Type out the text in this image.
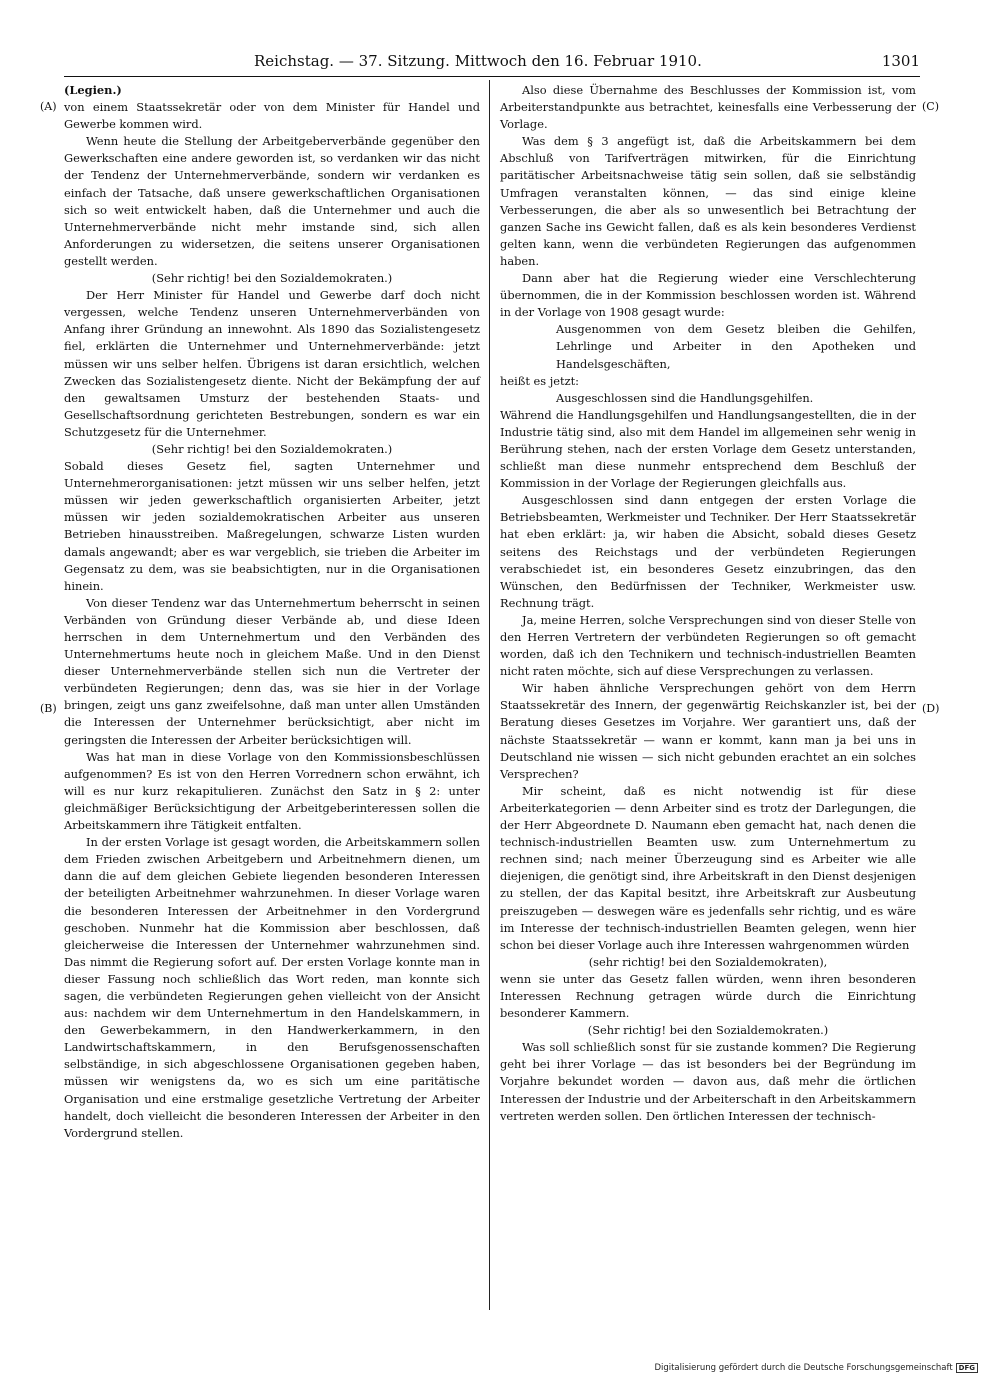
Reichstag. — 37. Sitzung. Mittwoch den 16. Februar 1910.	1301
(A)
(B)
(C)
(D)

(Legien.)

von einem Staatssekretär oder von dem Minister für Handel und Gewerbe kommen wird.

Wenn heute die Stellung der Arbeitgeberverbände gegenüber den Gewerkschaften eine andere geworden ist, so verdanken wir das nicht der Tendenz der Unternehmerverbände, sondern wir verdanken es einfach der Tatsache, daß unsere gewerkschaftlichen Organisationen sich so weit entwickelt haben, daß die Unternehmer und auch die Unternehmerverbände nicht mehr imstande sind, sich allen Anforderungen zu widersetzen, die seitens unserer Organisationen gestellt werden.

(Sehr richtig! bei den Sozialdemokraten.)

Der Herr Minister für Handel und Gewerbe darf doch nicht vergessen, welche Tendenz unseren Unternehmerverbänden von Anfang ihrer Gründung an innewohnt. Als 1890 das Sozialistengesetz fiel, erklärten die Unternehmer und Unternehmerverbände: jetzt müssen wir uns selber helfen. Übrigens ist daran ersichtlich, welchen Zwecken das Sozialistengesetz diente. Nicht der Bekämpfung der auf den gewaltsamen Umsturz der bestehenden Staats- und Gesellschaftsordnung gerichteten Bestrebungen, sondern es war ein Schutzgesetz für die Unternehmer.

(Sehr richtig! bei den Sozialdemokraten.)

Sobald dieses Gesetz fiel, sagten Unternehmer und Unternehmerorganisationen: jetzt müssen wir uns selber helfen, jetzt müssen wir jeden gewerkschaftlich organisierten Arbeiter, jetzt müssen wir jeden sozialdemokratischen Arbeiter aus unseren Betrieben hinausstreiben. Maßregelungen, schwarze Listen wurden damals angewandt; aber es war vergeblich, sie trieben die Arbeiter im Gegensatz zu dem, was sie beabsichtigten, nur in die Organisationen hinein.

Von dieser Tendenz war das Unternehmertum beherrscht in seinen Verbänden von Gründung dieser Verbände ab, und diese Ideen herrschen in dem Unternehmertum und den Verbänden des Unternehmertums heute noch in gleichem Maße. Und in den Dienst dieser Unternehmerverbände stellen sich nun die Vertreter der verbündeten Regierungen; denn das, was sie hier in der Vorlage bringen, zeigt uns ganz zweifelsohne, daß man unter allen Umständen die Interessen der Unternehmer berücksichtigt, aber nicht im geringsten die Interessen der Arbeiter berücksichtigen will.

Was hat man in diese Vorlage von den Kommissionsbeschlüssen aufgenommen? Es ist von den Herren Vorrednern schon erwähnt, ich will es nur kurz rekapitulieren. Zunächst den Satz in § 2: unter gleichmäßiger Berücksichtigung der Arbeitgeberinteressen sollen die Arbeitskammern ihre Tätigkeit entfalten.

In der ersten Vorlage ist gesagt worden, die Arbeitskammern sollen dem Frieden zwischen Arbeitgebern und Arbeitnehmern dienen, um dann die auf dem gleichen Gebiete liegenden besonderen Interessen der beteiligten Arbeitnehmer wahrzunehmen. In dieser Vorlage waren die besonderen Interessen der Arbeitnehmer in den Vordergrund geschoben. Nunmehr hat die Kommission aber beschlossen, daß gleicherweise die Interessen der Unternehmer wahrzunehmen sind. Das nimmt die Regierung sofort auf. Der ersten Vorlage konnte man in dieser Fassung noch schließlich das Wort reden, man konnte sich sagen, die verbündeten Regierungen gehen vielleicht von der Ansicht aus: nachdem wir dem Unternehmertum in den Handelskammern, in den Gewerbekammern, in den Handwerkerkammern, in den Landwirtschaftskammern, in den Berufsgenossenschaften selbständige, in sich abgeschlossene Organisationen gegeben haben, müssen wir wenigstens da, wo es sich um eine paritätische Organisation und eine erstmalige gesetzliche Vertretung der Arbeiter handelt, doch vielleicht die besonderen Interessen der Arbeiter in den Vordergrund stellen.

Also diese Übernahme des Beschlusses der Kommission ist, vom Arbeiterstandpunkte aus betrachtet, keinesfalls eine Verbesserung der Vorlage.

Was dem § 3 angefügt ist, daß die Arbeitskammern bei dem Abschluß von Tarifverträgen mitwirken, für die Einrichtung paritätischer Arbeitsnachweise tätig sein sollen, daß sie selbständig Umfragen veranstalten können, — das sind einige kleine Verbesserungen, die aber als so unwesentlich bei Betrachtung der ganzen Sache ins Gewicht fallen, daß es als kein besonderes Verdienst gelten kann, wenn die verbündeten Regierungen das aufgenommen haben.

Dann aber hat die Regierung wieder eine Verschlechterung übernommen, die in der Kommission beschlossen worden ist. Während in der Vorlage von 1908 gesagt wurde:

Ausgenommen von dem Gesetz bleiben die Gehilfen, Lehrlinge und Arbeiter in den Apotheken und Handelsgeschäften,

heißt es jetzt:

Ausgeschlossen sind die Handlungsgehilfen.

Während die Handlungsgehilfen und Handlungsangestellten, die in der Industrie tätig sind, also mit dem Handel im allgemeinen sehr wenig in Berührung stehen, nach der ersten Vorlage dem Gesetz unterstanden, schließt man diese nunmehr entsprechend dem Beschluß der Kommission in der Vorlage der Regierungen gleichfalls aus.

Ausgeschlossen sind dann entgegen der ersten Vorlage die Betriebsbeamten, Werkmeister und Techniker. Der Herr Staatssekretär hat eben erklärt: ja, wir haben die Absicht, sobald dieses Gesetz seitens des Reichstags und der verbündeten Regierungen verabschiedet ist, ein besonderes Gesetz einzubringen, das den Wünschen, den Bedürfnissen der Techniker, Werkmeister usw. Rechnung trägt.

Ja, meine Herren, solche Versprechungen sind von dieser Stelle von den Herren Vertretern der verbündeten Regierungen so oft gemacht worden, daß ich den Technikern und technisch-industriellen Beamten nicht raten möchte, sich auf diese Versprechungen zu verlassen.

Wir haben ähnliche Versprechungen gehört von dem Herrn Staatssekretär des Innern, der gegenwärtig Reichskanzler ist, bei der Beratung dieses Gesetzes im Vorjahre. Wer garantiert uns, daß der nächste Staatssekretär — wann er kommt, kann man ja bei uns in Deutschland nie wissen — sich nicht gebunden erachtet an ein solches Versprechen?

Mir scheint, daß es nicht notwendig ist für diese Arbeiterkategorien — denn Arbeiter sind es trotz der Darlegungen, die der Herr Abgeordnete D. Naumann eben gemacht hat, nach denen die technisch-industriellen Beamten usw. zum Unternehmertum zu rechnen sind; nach meiner Überzeugung sind es Arbeiter wie alle diejenigen, die genötigt sind, ihre Arbeitskraft in den Dienst desjenigen zu stellen, der das Kapital besitzt, ihre Arbeitskraft zur Ausbeutung preiszugeben — deswegen wäre es jedenfalls sehr richtig, und es wäre im Interesse der technisch-industriellen Beamten gelegen, wenn hier schon bei dieser Vorlage auch ihre Interessen wahrgenommen würden

(sehr richtig! bei den Sozialdemokraten),

wenn sie unter das Gesetz fallen würden, wenn ihren besonderen Interessen Rechnung getragen würde durch die Einrichtung besonderer Kammern.

(Sehr richtig! bei den Sozialdemokraten.)

Was soll schließlich sonst für sie zustande kommen? Die Regierung geht bei ihrer Vorlage — das ist besonders bei der Begründung im Vorjahre bekundet worden — davon aus, daß mehr die örtlichen Interessen der Industrie und der Arbeiterschaft in den Arbeitskammern vertreten werden sollen. Den örtlichen Interessen der technisch-

Digitalisierung gefördert durch die Deutsche Forschungsgemeinschaft DFG
